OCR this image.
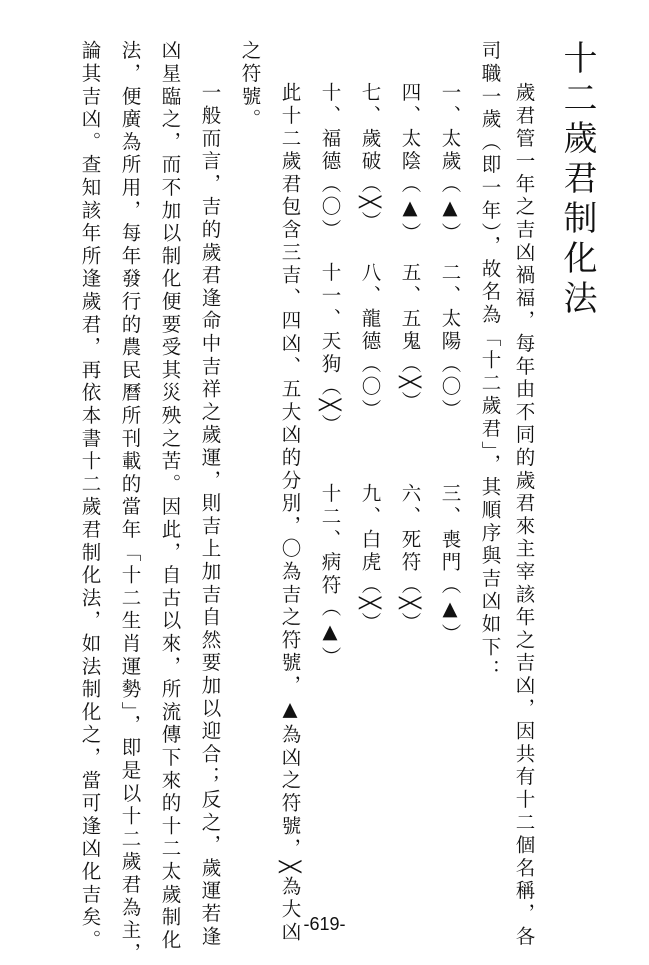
十二歲君制化法
歲君管一年之吉凶禍福，每年由不同的歲君來主宰該年之吉凶，因共有十二個名稱，各
司職一歲（即一年），故名為「十二歲君」，其順序與吉凶如下：
一、太歲（▲）
二、太陽（〇）
三、喪門（▲）
四、太陰（▲）
五、五鬼（╳）
六、死符（╳）
七、歲破（╳）
八、龍德（〇）
九、白虎（╳）
十、福德（〇）
十一、天狗（╳）
十二、病符（▲）
此十二歲君包含三吉、四凶、五大凶的分別，〇為吉之符號，▲為凶之符號，╳為大凶
之符號。
一般而言，吉的歲君逢命中吉祥之歲運，則吉上加吉自然要加以迎合；反之，歲運若逢
凶星臨之，而不加以制化便要受其災殃之苦。因此，自古以來，所流傳下來的十二太歲制化
法，便廣為所用，每年發行的農民曆所刊載的當年「十二生肖運勢」，即是以十二歲君為主，
論其吉凶。查知該年所逢歲君，再依本書十二歲君制化法，如法制化之，當可逢凶化吉矣。	-619-
